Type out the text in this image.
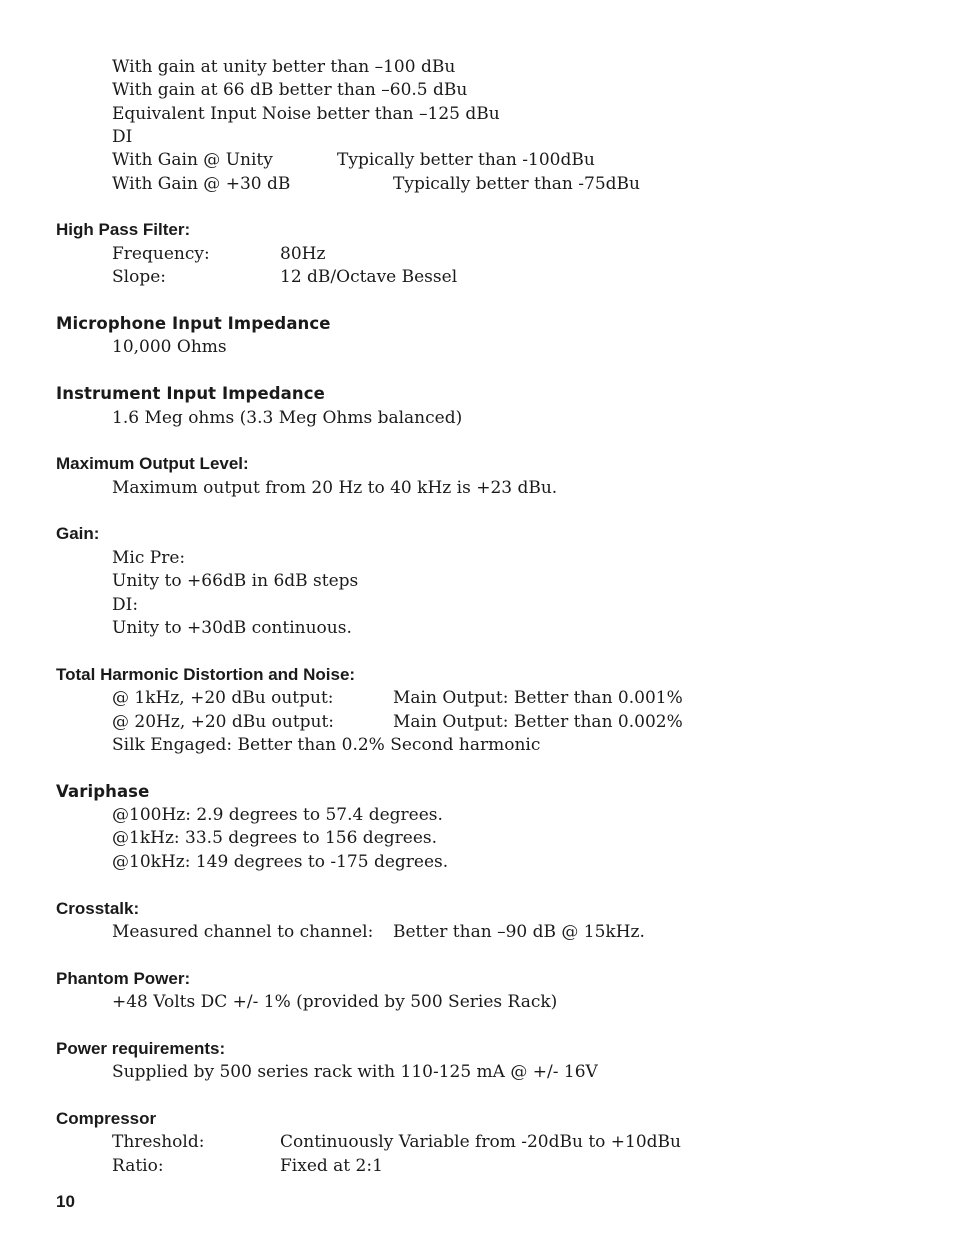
With gain at unity better than –100 dBu
With gain at 66 dB better than –60.5 dBu
Equivalent Input Noise better than –125 dBu
DI
With Gain @ Unity	Typically better than -100dBu
With Gain @ +30 dB	Typically better than -75dBu
High Pass Filter:
Frequency:	80Hz
Slope:	12 dB/Octave Bessel
Microphone Input Impedance
10,000 Ohms
Instrument Input Impedance
1.6 Meg ohms (3.3 Meg Ohms balanced)
Maximum Output Level:
Maximum output from 20 Hz to 40 kHz is +23 dBu.
Gain:
Mic Pre:
Unity to +66dB in 6dB steps
DI:
Unity to +30dB continuous.
Total Harmonic Distortion and Noise:
@ 1kHz, +20 dBu output:	Main Output: Better than 0.001%
@ 20Hz, +20 dBu output:	Main Output: Better than 0.002%
Silk Engaged: Better than 0.2% Second harmonic
Variphase
@100Hz: 2.9 degrees to 57.4 degrees.
@1kHz: 33.5 degrees to 156 degrees.
@10kHz: 149 degrees to -175 degrees.
Crosstalk:
Measured channel to channel: Better than –90 dB @ 15kHz.
Phantom Power:
+48 Volts DC +/- 1% (provided by 500 Series Rack)
Power requirements:
Supplied by 500 series rack with 110-125 mA @ +/- 16V
Compressor
Threshold:	Continuously Variable from -20dBu to +10dBu
Ratio:	Fixed at 2:1
10
